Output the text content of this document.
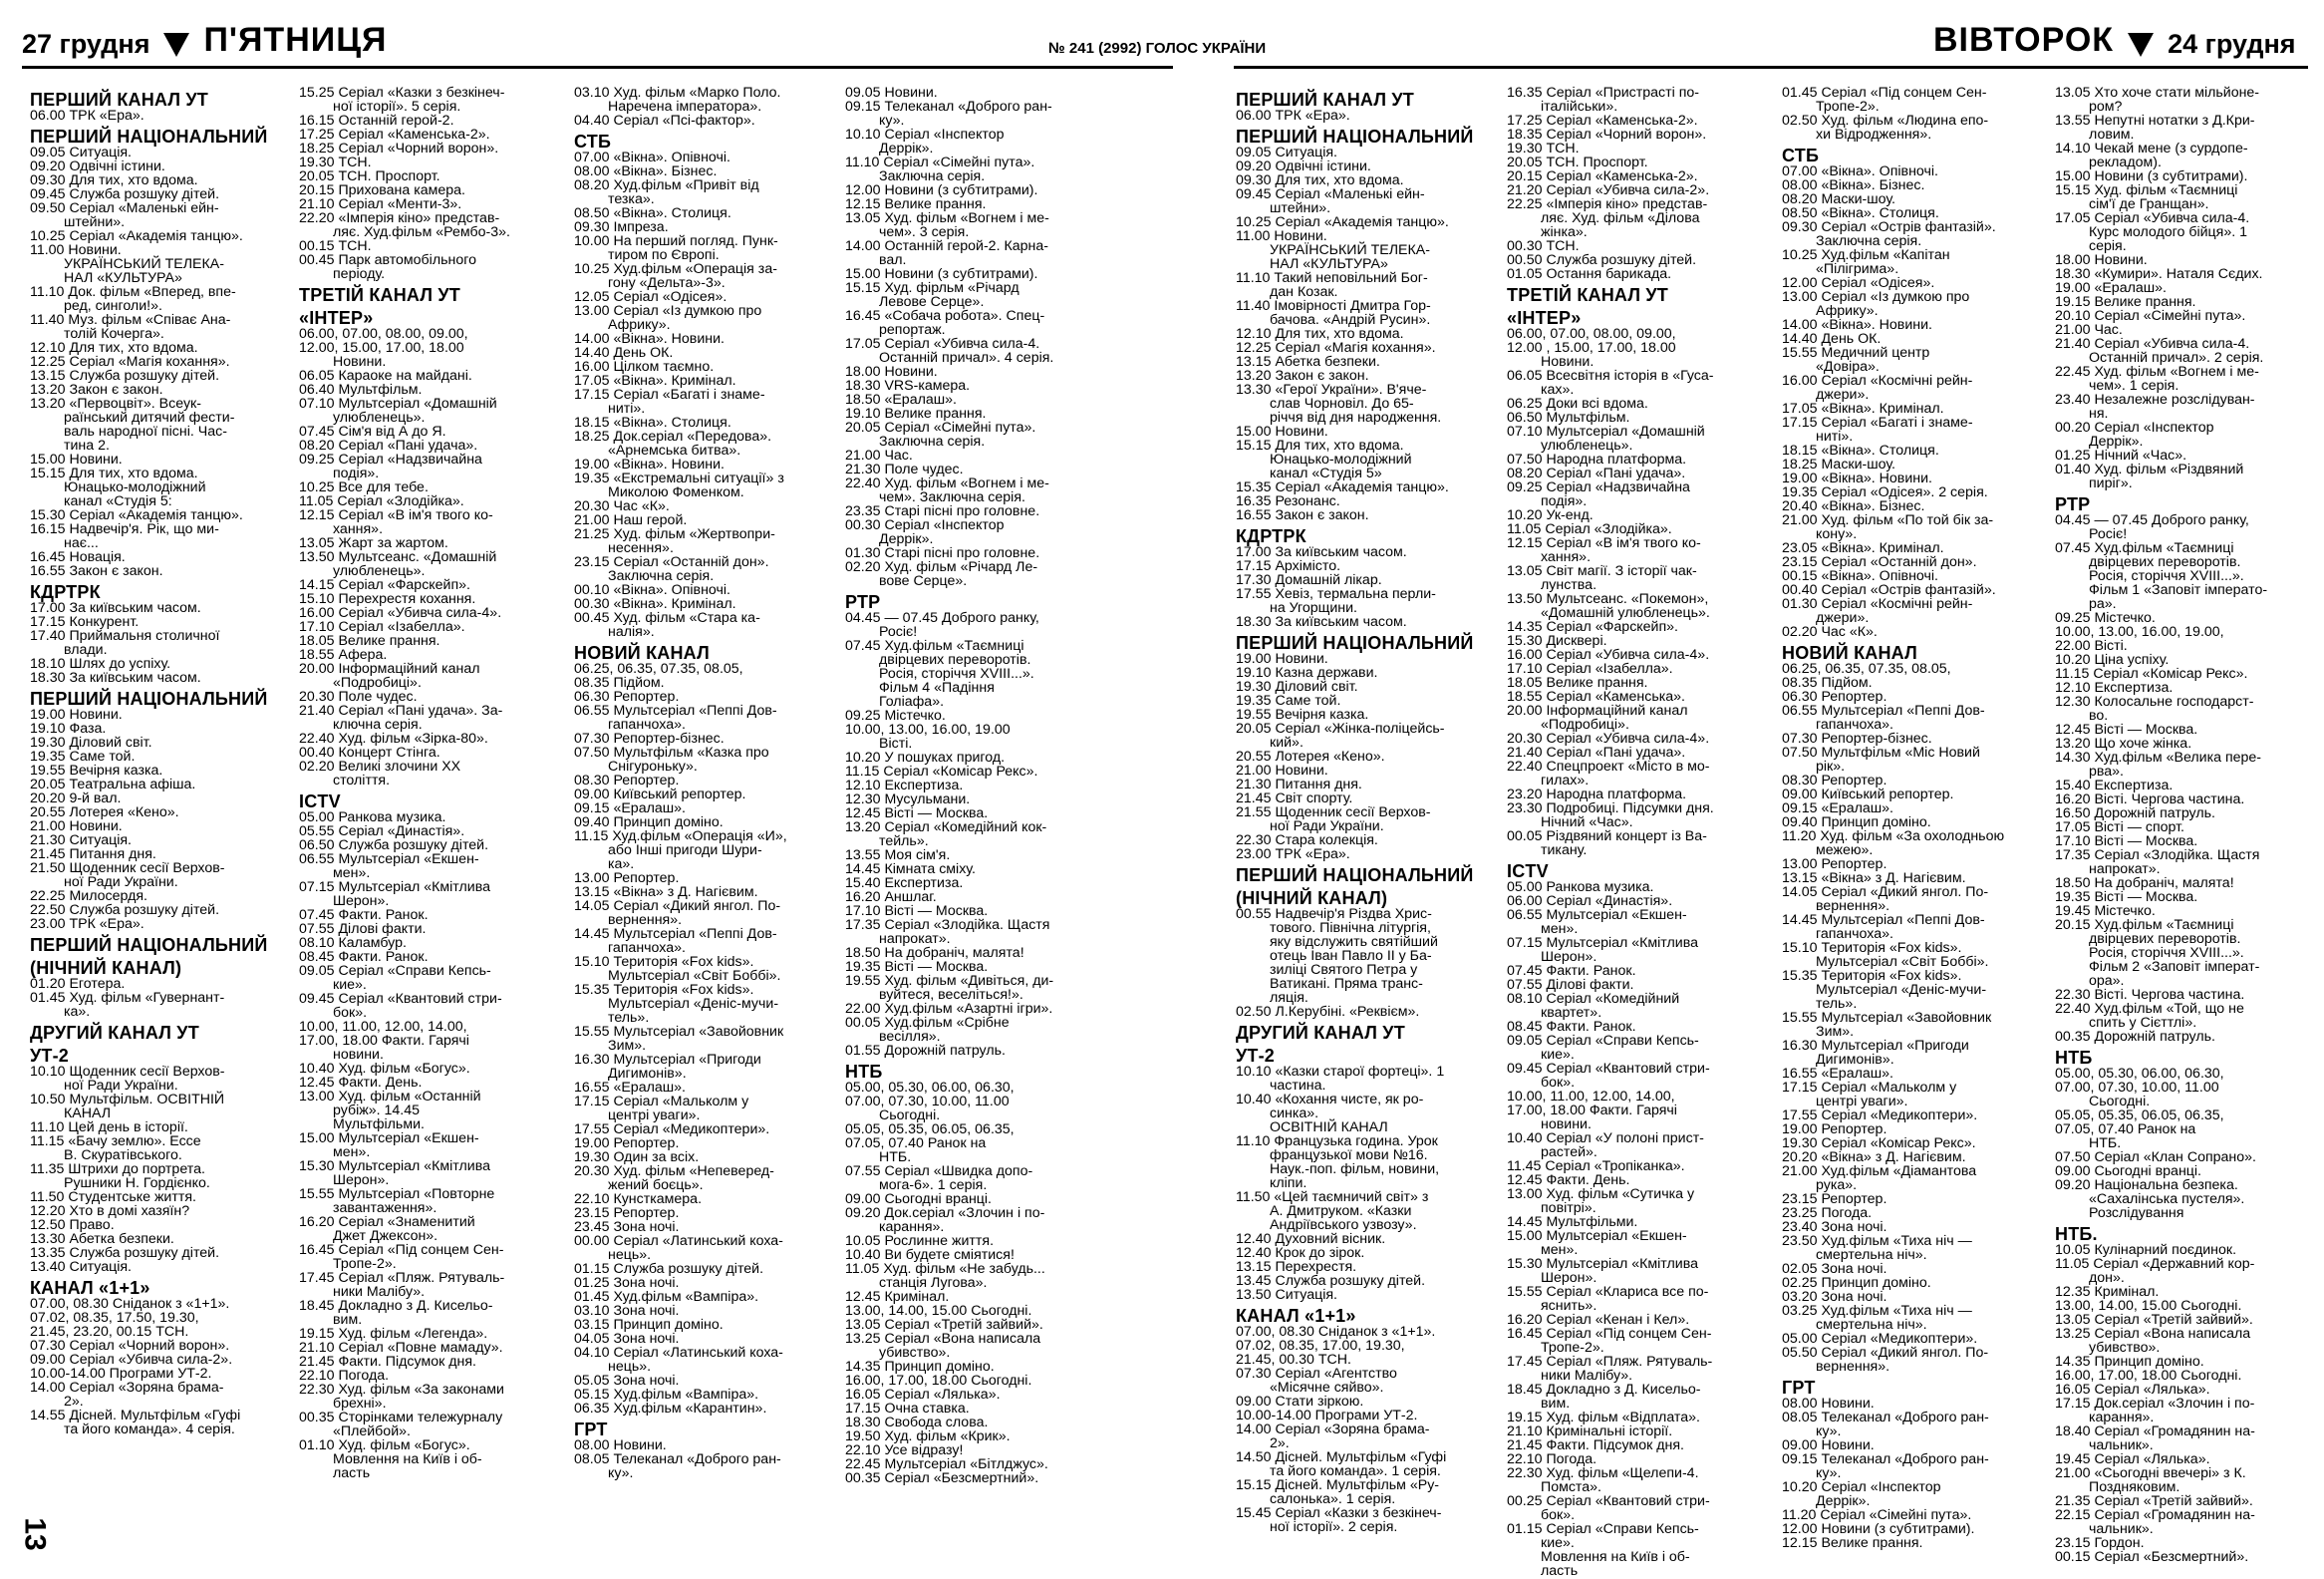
27 грудня П'ЯТНИЦЯ	№ 241 (2992) ГОЛОС УКРАЇНИ	ВІВТОРОК 24 грудня
ПЕРШИЙ КАНАЛ УТ
06.00 ТРК «Ера».
ПЕРШИЙ НАЦІОНАЛЬНИЙ
09.05 Ситуація.
09.20 Одвічні істини.
09.30 Для тих, хто вдома.
09.45 Служба розшуку дітей.
09.50 Серіал «Маленькі ейн-
штейни».
10.25 Серіал «Академія танцю».
11.00 Новини.
УКРАЇНСЬКИЙ ТЕЛЕКА-
НАЛ «КУЛЬТУРА»
11.10 Док. фільм «Вперед, впе-
ред, синголи!».
11.40 Муз. фільм «Співає Ана-
толій Кочерга».
12.10 Для тих, хто вдома.
12.25 Серіал «Магія кохання».
13.15 Служба розшуку дітей.
13.20 Закон є закон.
13.20 «Первоцвіт». Всеук-
раїнський дитячий фести-
валь народної пісні. Час-
тина 2.
15.00 Новини.
15.15 Для тих, хто вдома.
Юнацько-молодіжний
канал «Студія 5:
15.30 Серіал «Академія танцю».
16.15 Надвечір'я. Рік, що ми-
нає...
16.45 Новація.
16.55 Закон є закон.
КДРТРК
17.00 За київським часом.
17.15 Конкурент.
17.40 Приймальня столичної
влади.
18.10 Шлях до успіху.
18.30 За київським часом.
ПЕРШИЙ НАЦІОНАЛЬНИЙ
19.00 Новини.
19.10 Фаза.
19.30 Діловий світ.
19.35 Саме той.
19.55 Вечірня казка.
20.05 Театральна афіша.
20.20 9-й вал.
20.55 Лотерея «Кено».
21.00 Новини.
21.30 Ситуація.
21.45 Питання дня.
21.50 Щоденник сесії Верхов-
ної Ради України.
22.25 Милосердя.
22.50 Служба розшуку дітей.
23.00 ТРК «Ера».
ПЕРШИЙ НАЦІОНАЛЬНИЙ
(НІЧНИЙ КАНАЛ)
01.20 Еготера.
01.45 Худ. фільм «Гувернант-
ка».
ДРУГИЙ КАНАЛ УТ
УТ-2
10.10 Щоденник сесії Верхов-
ної Ради України.
10.50 Мультфільм. ОСВІТНІЙ
КАНАЛ
11.10 Цей день в історії.
11.15 «Бачу землю». Ессе
В. Скуратівського.
11.35 Штрихи до портрета.
Рушники Н. Гордієнко.
11.50 Студентське життя.
12.20 Хто в домі хазяїн?
12.50 Право.
13.30 Абетка безпеки.
13.35 Служба розшуку дітей.
13.40 Ситуація.
КАНАЛ «1+1»
07.00, 08.30 Сніданок з «1+1».
07.02, 08.35, 17.50, 19.30,
21.45, 23.20, 00.15 ТСН.
07.30 Серіал «Чорний ворон».
09.00 Серіал «Убивча сила-2».
10.00-14.00 Програми УТ-2.
14.00 Серіал «Зоряна брама-
2».
14.55 Дісней. Мультфільм «Гуфі
та його команда». 4 серія.
15.25 Серіал «Казки з безкінеч-
ної історії». 5 серія.
16.15 Останній герой-2.
17.25 Серіал «Каменська-2».
18.25 Серіал «Чорний ворон».
19.30 ТСН.
20.05 ТСН. Проспорт.
20.15 Прихована камера.
21.10 Серіал «Менти-3».
22.20 «Імперія кіно» представ-
ляє. Худ.фільм «Рембо-3».
00.15 ТСН.
00.45 Парк автомобільного
періоду.
ТРЕТІЙ КАНАЛ УТ
«ІНТЕР»
06.00, 07.00, 08.00, 09.00,
12.00, 15.00, 17.00, 18.00
Новини.
06.05 Караоке на майдані.
06.40 Мультфільм.
07.10 Мультсеріал «Домашній
улюбленець».
07.45 Сім'я від А до Я.
08.20 Серіал «Пані удача».
09.25 Серіал «Надзвичайна
подія».
10.25 Все для тебе.
11.05 Серіал «Злодійка».
12.15 Серіал «В ім'я твого ко-
хання».
13.05 Жарт за жартом.
13.50 Мультсеанс. «Домашній
улюбленець».
14.15 Серіал «Фарскейп».
15.10 Перехрестя кохання.
16.00 Серіал «Убивча сила-4».
17.10 Серіал «Ізабелла».
18.05 Велике прання.
18.55 Афера.
20.00 Інформаційний канал
«Подробиці».
20.30 Поле чудес.
21.40 Серіал «Пані удача». За-
ключна серія.
22.40 Худ. фільм «Зірка-80».
00.40 Концерт Стінга.
02.20 Великі злочини XX
століття.
ICTV
05.00 Ранкова музика.
05.55 Серіал «Династія».
06.50 Служба розшуку дітей.
06.55 Мультсеріал «Екшен-
мен».
07.15 Мультсеріал «Кмітлива
Шерон».
07.45 Факти. Ранок.
07.55 Ділові факти.
08.10 Каламбур.
08.45 Факти. Ранок.
09.05 Серіал «Справи Кепсь-
кие».
09.45 Серіал «Квантовий стри-
бок».
10.00, 11.00, 12.00, 14.00,
17.00, 18.00 Факти. Гарячі
новини.
10.40 Худ. фільм «Богус».
12.45 Факти. День.
13.00 Худ. фільм «Останній
рубіж». 14.45
Мультфільми.
15.00 Мультсеріал «Екшен-
мен».
15.30 Мультсеріал «Кмітлива
Шерон».
15.55 Мультсеріал «Повторне
завантаження».
16.20 Серіал «Знаменитий
Джет Джексон».
16.45 Серіал «Під сонцем Сен-
Тропе-2».
17.45 Серіал «Пляж. Рятуваль-
ники Малібу».
18.45 Докладно з Д. Кисельо-
вим.
19.15 Худ. фільм «Легенда».
21.10 Серіал «Повне мамаду».
21.45 Факти. Підсумок дня.
22.10 Погода.
22.30 Худ. фільм «За законами
брехні».
00.35 Сторінками тележурналу
«Плейбой».
01.10 Худ. фільм «Богус».
Мовлення на Київ і об-
ласть
03.10 Худ. фільм «Марко Поло.
Наречена імператора».
04.40 Серіал «Псі-фактор».
СТБ
07.00 «Вікна». Опівночі.
08.00 «Вікна». Бізнес.
08.20 Худ.фільм «Привіт від
тезка».
08.50 «Вікна». Столиця.
09.30 Імпреза.
10.00 На перший погляд. Пунк-
тиром по Європі.
10.25 Худ.фільм «Операція за-
гону «Дельта»-3».
12.05 Серіал «Одісея».
13.00 Серіал «Із думкою про
Африку».
14.00 «Вікна». Новини.
14.40 День ОК.
16.00 Цілком таємно.
17.05 «Вікна». Кримінал.
17.15 Серіал «Багаті і знаме-
ниті».
18.15 «Вікна». Столиця.
18.25 Док.серіал «Передова».
«Арнемська битва».
19.00 «Вікна». Новини.
19.35 «Екстремальні ситуації» з
Миколою Фоменком.
20.30 Час «К».
21.00 Наш герой.
21.25 Худ. фільм «Жертвопри-
несення».
23.15 Серіал «Останній дон».
Заключна серія.
00.10 «Вікна». Опівночі.
00.30 «Вікна». Кримінал.
00.45 Худ. фільм «Стара ка-
налія».
НОВИЙ КАНАЛ
06.25, 06.35, 07.35, 08.05,
08.35 Підйом.
06.30 Репортер.
06.55 Мультсеріал «Пеппі Дов-
гапанчоха».
07.30 Репортер-бізнес.
07.50 Мультфільм «Казка про
Снігуроньку».
08.30 Репортер.
09.00 Київський репортер.
09.15 «Ералаш».
09.40 Принцип доміно.
11.15 Худ.фільм «Операція «И»,
або Інші пригоди Шури-
ка».
13.00 Репортер.
13.15 «Вікна» з Д. Нагієвим.
14.05 Серіал «Дикий янгол. По-
вернення».
14.45 Мультсеріал «Пеппі Дов-
гапанчоха».
15.10 Територія «Fox kids».
Мультсеріал «Світ Боббі».
15.35 Територія «Fox kids».
Мультсеріал «Деніс-мучи-
тель».
15.55 Мультсеріал «Завойовник
Зим».
16.30 Мультсеріал «Пригоди
Дигимонів».
16.55 «Ералаш».
17.15 Серіал «Мальколм у
центрі уваги».
17.55 Серіал «Медикоптери».
19.00 Репортер.
19.30 Один за всіх.
20.30 Худ. фільм «Непеверед-
жений боєць».
22.10 Кунсткамера.
23.15 Репортер.
23.45 Зона ночі.
00.00 Серіал «Латинський коха-
нець».
01.15 Служба розшуку дітей.
01.25 Зона ночі.
01.45 Худ.фільм «Вампіра».
03.10 Зона ночі.
03.15 Принцип доміно.
04.05 Зона ночі.
04.10 Серіал «Латинський коха-
нець».
05.05 Зона ночі.
05.15 Худ.фільм «Вампіра».
06.35 Худ.фільм «Карантин».
ГРТ
08.00 Новини.
08.05 Телеканал «Доброго ран-
ку».
09.05 Новини.
09.15 Телеканал «Доброго ран-
ку».
10.10 Серіал «Інспектор
Деррік».
11.10 Серіал «Сімейні пута».
Заключна серія.
12.00 Новини (з субтитрами).
12.15 Велике прання.
13.05 Худ. фільм «Вогнем і ме-
чем». 3 серія.
14.00 Останній герой-2. Карна-
вал.
15.00 Новини (з субтитрами).
15.15 Худ. фірльм «Річард
Левове Серце».
16.45 «Собача робота». Спец-
репортаж.
17.05 Серіал «Убивча сила-4.
Останній причал». 4 серія.
18.00 Новини.
18.30 VRS-камера.
18.50 «Ералаш».
19.10 Велике прання.
20.05 Серіал «Сімейні пута».
Заключна серія.
21.00 Час.
21.30 Поле чудес.
22.40 Худ. фільм «Вогнем і ме-
чем». Заключна серія.
23.35 Старі пісні про головне.
00.30 Серіал «Інспектор
Деррік».
01.30 Старі пісні про головне.
02.20 Худ. фільм «Річард Ле-
вове Серце».
РТР
04.45 — 07.45 Доброго ранку,
Росіє!
07.45 Худ.фільм «Таємниці
двірцевих переворотів.
Росія, сторіччя XVIII...».
Фільм 4 «Падіння
Голіафа».
09.25 Містечко.
10.00, 13.00, 16.00, 19.00
Вісті.
10.20 У пошуках пригод.
11.15 Серіал «Комісар Рекс».
12.10 Експертиза.
12.30 Мусульмани.
12.45 Вісті — Москва.
13.20 Серіал «Комедійний кок-
тейль».
13.55 Моя сім'я.
14.45 Кімната сміху.
15.40 Експертиза.
16.20 Аншлаг.
17.10 Вісті — Москва.
17.35 Серіал «Злодійка. Щастя
напрокат».
18.50 На добраніч, малята!
19.35 Вісті — Москва.
19.55 Худ. фільм «Дивіться, ди-
вуйтеся, веселіться!».
22.00 Худ.фільм «Азартні ігри».
00.05 Худ.фільм «Срібне
весілля».
01.55 Дорожній патруль.
НТБ
05.00, 05.30, 06.00, 06.30,
07.00, 07.30, 10.00, 11.00
Сьогодні.
05.05, 05.35, 06.05, 06.35,
07.05, 07.40 Ранок на
НТБ.
07.55 Серіал «Швидка допо-
мога-6». 1 серія.
09.00 Сьогодні вранці.
09.20 Док.серіал «Злочин і по-
карання».
10.05 Рослинне життя.
10.40 Ви будете сміятися!
11.05 Худ. фільм «Не забудь...
станція Лугова».
12.45 Кримінал.
13.00, 14.00, 15.00 Сьогодні.
13.05 Серіал «Третій зайвий».
13.25 Серіал «Вона написала
убивство».
14.35 Принцип доміно.
16.00, 17.00, 18.00 Сьогодні.
16.05 Серіал «Лялька».
17.15 Очна ставка.
18.30 Свобода слова.
19.50 Худ. фільм «Крик».
22.10 Усе відразу!
22.45 Мультсеріал «Бітлджус».
00.35 Серіал «Безсмертний».
ПЕРШИЙ КАНАЛ УТ
06.00 ТРК «Ера».
ПЕРШИЙ НАЦІОНАЛЬНИЙ
09.05 Ситуація.
09.20 Одвічні істини.
09.30 Для тих, хто вдома.
09.45 Серіал «Маленькі ейн-
штейни».
10.25 Серіал «Академія танцю».
11.00 Новини.
УКРАЇНСЬКИЙ ТЕЛЕКА-
НАЛ «КУЛЬТУРА»
11.10 Такий неповільний Бог-
дан Козак.
11.40 Імовірності Дмитра Гор-
бачова. «Андрій Русин».
12.10 Для тих, хто вдома.
12.25 Серіал «Магія кохання».
13.15 Абетка безпеки.
13.20 Закон є закон.
13.30 «Герої України». В'яче-
слав Чорновіл. До 65-
річчя від дня народження.
15.00 Новини.
15.15 Для тих, хто вдома.
Юнацько-молодіжний
канал «Студія 5»
15.35 Серіал «Академія танцю».
16.35 Резонанс.
16.55 Закон є закон.
КДРТРК
17.00 За київським часом.
17.15 Архімісто.
17.30 Домашній лікар.
17.55 Хевіз, термальна перли-
на Угорщини.
18.30 За київським часом.
ПЕРШИЙ НАЦІОНАЛЬНИЙ
19.00 Новини.
19.10 Казна держави.
19.30 Діловий світ.
19.35 Саме той.
19.55 Вечірня казка.
20.05 Серіал «Жінка-поліцейсь-
кий».
20.55 Лотерея «Кено».
21.00 Новини.
21.30 Питання дня.
21.45 Світ спорту.
21.55 Щоденник сесії Верхов-
ної Ради України.
22.30 Стара колекція.
23.00 ТРК «Ера».
ПЕРШИЙ НАЦІОНАЛЬНИЙ
(НІЧНИЙ КАНАЛ)
00.55 Надвечір'я Різдва Хрис-
тового. Північна літургія,
яку відслужить святійший
отець Іван Павло II у Ба-
зиліці Святого Петра у
Ватикані. Пряма транс-
ляція.
02.50 Л.Керубіні. «Реквієм».
ДРУГИЙ КАНАЛ УТ
УТ-2
10.10 «Казки старої фортеці». 1
частина.
10.40 «Кохання чисте, як ро-
синка».
ОСВІТНІЙ КАНАЛ
11.10 Французька година. Урок
французької мови №16.
Наук.-поп. фільм, новини,
кліпи.
11.50 «Цей таємничий світ» з
А. Дмитруком. «Казки
Андріївського узвозу».
12.40 Духовний вісник.
12.40 Крок до зірок.
13.15 Перехрестя.
13.45 Служба розшуку дітей.
13.50 Ситуація.
КАНАЛ «1+1»
07.00, 08.30 Сніданок з «1+1».
07.02, 08.35, 17.00, 19.30,
21.45, 00.30 ТСН.
07.30 Серіал «Агентство
«Місячне сяйво».
09.00 Стати зіркою.
10.00-14.00 Програми УТ-2.
14.00 Серіал «Зоряна брама-
2».
14.50 Дісней. Мультфільм «Гуфі
та його команда». 1 серія.
15.15 Дісней. Мультфільм «Ру-
салонька». 1 серія.
15.45 Серіал «Казки з безкінеч-
ної історії». 2 серія.
16.35 Серіал «Пристрасті по-
італійськи».
17.25 Серіал «Каменська-2».
18.35 Серіал «Чорний ворон».
19.30 ТСН.
20.05 ТСН. Проспорт.
20.15 Серіал «Каменська-2».
21.20 Серіал «Убивча сила-2».
22.25 «Імперія кіно» представ-
ляє. Худ. фільм «Ділова
жінка».
00.30 ТСН.
00.50 Служба розшуку дітей.
01.05 Остання барикада.
ТРЕТІЙ КАНАЛ УТ
«ІНТЕР»
06.00, 07.00, 08.00, 09.00,
12.00 , 15.00, 17.00, 18.00
Новини.
06.05 Всесвітня історія в «Гуса-
ках».
06.25 Доки всі вдома.
06.50 Мультфільм.
07.10 Мультсеріал «Домашній
улюбленець».
07.50 Народна платформа.
08.20 Серіал «Пані удача».
09.25 Серіал «Надзвичайна
подія».
10.20 Ук-енд.
11.05 Серіал «Злодійка».
12.15 Серіал «В ім'я твого ко-
хання».
13.05 Світ магії. З історії чак-
лунства.
13.50 Мультсеанс. «Покемон»,
«Домашній улюбленець».
14.35 Серіал «Фарскейп».
15.30 Дисквері.
16.00 Серіал «Убивча сила-4».
17.10 Серіал «Ізабелла».
18.05 Велике прання.
18.55 Серіал «Каменська».
20.00 Інформаційний канал
«Подробиці».
20.30 Серіал «Убивча сила-4».
21.40 Серіал «Пані удача».
22.40 Спецпроект «Місто в мо-
гилах».
23.20 Народна платформа.
23.30 Подробиці. Підсумки дня.
Нічний «Час».
00.05 Різдвяний концерт із Ва-
тикану.
ICTV
05.00 Ранкова музика.
06.00 Серіал «Династія».
06.55 Мультсеріал «Екшен-
мен».
07.15 Мультсеріал «Кмітлива
Шерон».
07.45 Факти. Ранок.
07.55 Ділові факти.
08.10 Серіал «Комедійний
квартет».
08.45 Факти. Ранок.
09.05 Серіал «Справи Кепсь-
кие».
09.45 Серіал «Квантовий стри-
бок».
10.00, 11.00, 12.00, 14.00,
17.00, 18.00 Факти. Гарячі
новини.
10.40 Серіал «У полоні прист-
растей».
11.45 Серіал «Тропіканка».
12.45 Факти. День.
13.00 Худ. фільм «Сутичка у
повітрі».
14.45 Мультфільми.
15.00 Мультсеріал «Екшен-
мен».
15.30 Мультсеріал «Кмітлива
Шерон».
15.55 Серіал «Клариса все по-
яснить».
16.20 Серіал «Кенан і Кел».
16.45 Серіал «Під сонцем Сен-
Тропе-2».
17.45 Серіал «Пляж. Рятуваль-
ники Малібу».
18.45 Докладно з Д. Кисельо-
вим.
19.15 Худ. фільм «Відплата».
21.10 Кримінальні історії.
21.45 Факти. Підсумок дня.
22.10 Погода.
22.30 Худ. фільм «Щелепи-4.
Помста».
00.25 Серіал «Квантовий стри-
бок».
01.15 Серіал «Справи Кепсь-
кие».
Мовлення на Київ і об-
ласть
01.45 Серіал «Під сонцем Сен-
Тропе-2».
02.50 Худ. фільм «Людина епо-
хи Відродження».
СТБ
07.00 «Вікна». Опівночі.
08.00 «Вікна». Бізнес.
08.20 Маски-шоу.
08.50 «Вікна». Столиця.
09.30 Серіал «Острів фантазій».
Заключна серія.
10.25 Худ.фільм «Капітан
«Пілігрима».
12.00 Серіал «Одісея».
13.00 Серіал «Із думкою про
Африку».
14.00 «Вікна». Новини.
14.40 День ОК.
15.55 Медичний центр
«Довіра».
16.00 Серіал «Космічні рейн-
джери».
17.05 «Вікна». Кримінал.
17.15 Серіал «Багаті і знаме-
ниті».
18.15 «Вікна». Столиця.
18.25 Маски-шоу.
19.00 «Вікна». Новини.
19.35 Серіал «Одісея». 2 серія.
20.40 «Вікна». Бізнес.
21.00 Худ. фільм «По той бік за-
кону».
23.05 «Вікна». Кримінал.
23.15 Серіал «Останній дон».
00.15 «Вікна». Опівночі.
00.40 Серіал «Острів фантазій».
01.30 Серіал «Космічні рейн-
джери».
02.20 Час «К».
НОВИЙ КАНАЛ
06.25, 06.35, 07.35, 08.05,
08.35 Підйом.
06.30 Репортер.
06.55 Мультсеріал «Пеппі Дов-
гапанчоха».
07.30 Репортер-бізнес.
07.50 Мультфільм «Міс Новий
рік».
08.30 Репортер.
09.00 Київський репортер.
09.15 «Ералаш».
09.40 Принцип доміно.
11.20 Худ. фільм «За охолодньою
межею».
13.00 Репортер.
13.15 «Вікна» з Д. Нагієвим.
14.05 Серіал «Дикий янгол. По-
вернення».
14.45 Мультсеріал «Пеппі Дов-
гапанчоха».
15.10 Територія «Fox kids».
Мультсеріал «Світ Боббі».
15.35 Територія «Fox kids».
Мультсеріал «Деніс-мучи-
тель».
15.55 Мультсеріал «Завойовник
Зим».
16.30 Мультсеріал «Пригоди
Дигимонів».
16.55 «Ералаш».
17.15 Серіал «Мальколм у
центрі уваги».
17.55 Серіал «Медикоптери».
19.00 Репортер.
19.30 Серіал «Комісар Рекс».
20.20 «Вікна» з Д. Нагієвим.
21.00 Худ.фільм «Діамантова
рука».
23.15 Репортер.
23.25 Погода.
23.40 Зона ночі.
23.50 Худ.фільм «Тиха ніч —
смертельна ніч».
02.05 Зона ночі.
02.25 Принцип доміно.
03.20 Зона ночі.
03.25 Худ.фільм «Тиха ніч —
смертельна ніч».
05.00 Серіал «Медикоптери».
05.50 Серіал «Дикий янгол. По-
вернення».
ГРТ
08.00 Новини.
08.05 Телеканал «Доброго ран-
ку».
09.00 Новини.
09.15 Телеканал «Доброго ран-
ку».
10.20 Серіал «Інспектор
Деррік».
11.20 Серіал «Сімейні пута».
12.00 Новини (з субтитрами).
12.15 Велике прання.
13.05 Хто хоче стати мільйоне-
ром?
13.55 Непутні нотатки з Д.Кри-
ловим.
14.10 Чекай мене (з сурдопе-
рекладом).
15.00 Новини (з субтитрами).
15.15 Худ. фільм «Таємниці
сім'ї де Гранщан».
17.05 Серіал «Убивча сила-4.
Курс молодого бійця». 1
серія.
18.00 Новини.
18.30 «Кумири». Наталя Сєдих.
19.00 «Ералаш».
19.15 Велике прання.
20.10 Серіал «Сімейні пута».
21.00 Час.
21.40 Серіал «Убивча сила-4.
Останній причал». 2 серія.
22.45 Худ. фільм «Вогнем і ме-
чем». 1 серія.
23.40 Незалежне розслідуван-
ня.
00.20 Серіал «Інспектор
Деррік».
01.25 Нічний «Час».
01.40 Худ. фільм «Різдвяний
пиріг».
РТР
04.45 — 07.45 Доброго ранку,
Росіє!
07.45 Худ.фільм «Таємниці
двірцевих переворотів.
Росія, сторіччя XVIII...».
Фільм 1 «Заповіт імперато-
ра».
09.25 Містечко.
10.00, 13.00, 16.00, 19.00,
22.00 Вісті.
10.20 Ціна успіху.
11.15 Серіал «Комісар Рекс».
12.10 Експертиза.
12.30 Колосальне господарст-
во.
12.45 Вісті — Москва.
13.20 Що хоче жінка.
14.30 Худ.фільм «Велика пере-
рва».
15.40 Експертиза.
16.20 Вісті. Чергова частина.
16.50 Дорожній патруль.
17.05 Вісті — спорт.
17.10 Вісті — Москва.
17.35 Серіал «Злодійка. Щастя
напрокат».
18.50 На добраніч, малята!
19.35 Вісті — Москва.
19.45 Містечко.
20.15 Худ.фільм «Таємниці
двірцевих переворотів.
Росія, сторіччя XVIII...».
Фільм 2 «Заповіт імперат-
ора».
22.30 Вісті. Чергова частина.
22.40 Худ.фільм «Той, що не
спить у Сієттлі».
00.35 Дорожній патруль.
НТБ
05.00, 05.30, 06.00, 06.30,
07.00, 07.30, 10.00, 11.00
Сьогодні.
05.05, 05.35, 06.05, 06.35,
07.05, 07.40 Ранок на
НТБ.
07.50 Серіал «Клан Сопрано».
09.00 Сьогодні вранці.
09.20 Національна безпека.
«Сахалінська пустеля».
Розслідування
НТБ.
10.05 Кулінарний поєдинок.
11.05 Серіал «Державний кор-
дон».
12.35 Кримінал.
13.00, 14.00, 15.00 Сьогодні.
13.05 Серіал «Третій зайвий».
13.25 Серіал «Вона написала
убивство».
14.35 Принцип доміно.
16.00, 17.00, 18.00 Сьогодні.
16.05 Серіал «Лялька».
17.15 Док.серіал «Злочин і по-
карання».
18.40 Серіал «Громадянин на-
чальник».
19.45 Серіал «Лялька».
21.00 «Сьогодні ввечері» з К.
Поздняковим.
21.35 Серіал «Третій зайвий».
22.15 Серіал «Громадянин на-
чальник».
23.15 Гордон.
00.15 Серіал «Безсмертний».
13
